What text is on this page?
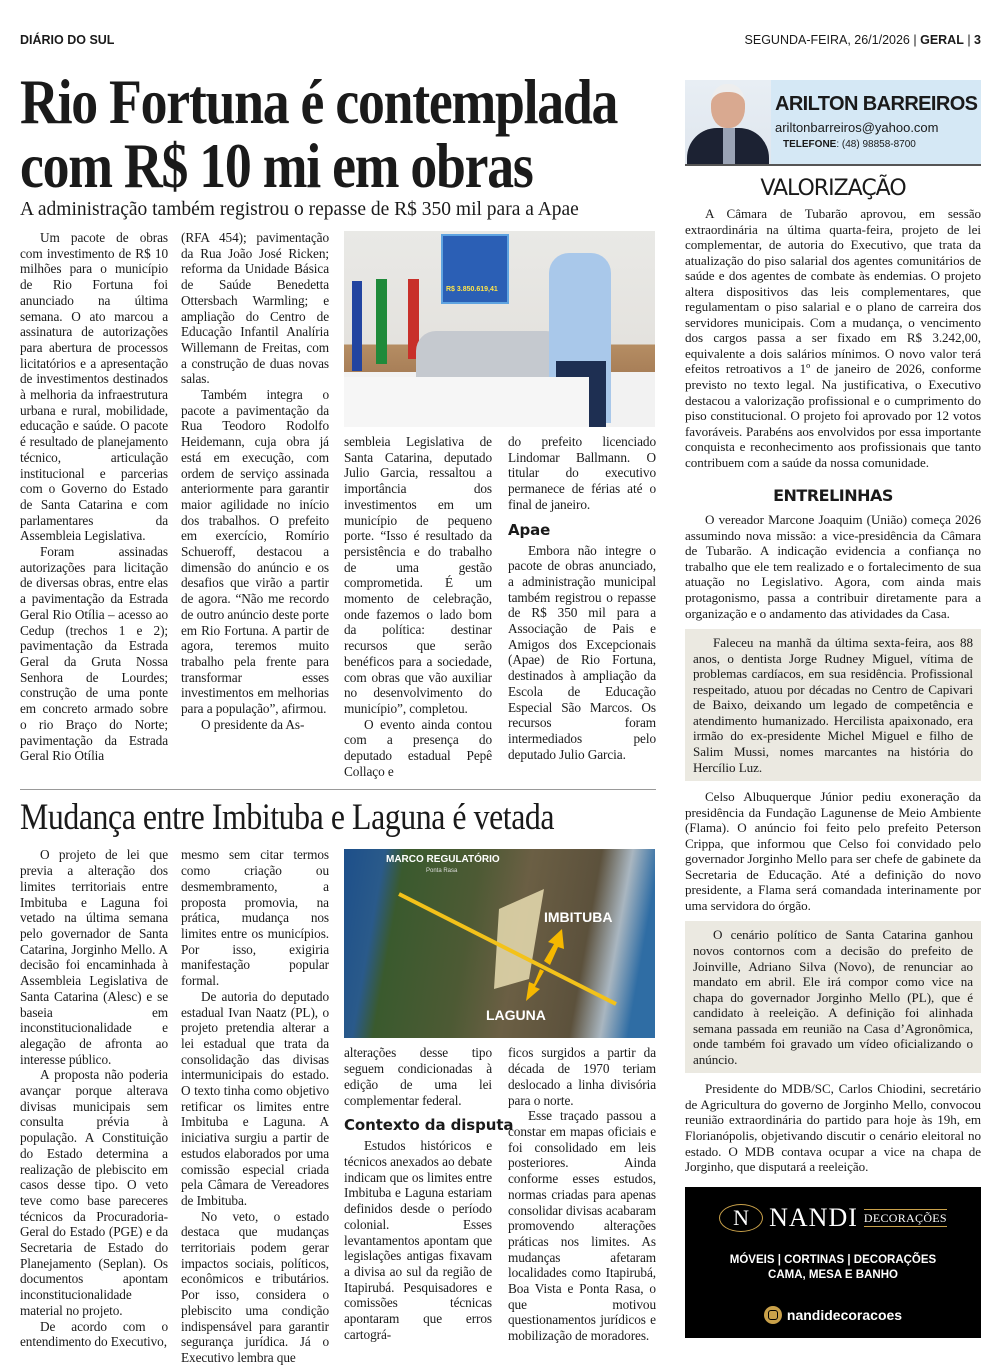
DIÁRIO DO SUL	SEGUNDA-FEIRA, 26/1/2026 | GERAL | 3
Rio Fortuna é contemplada
com R$ 10 mi em obras
A administração também registrou o repasse de R$ 350 mil para a Apae

Um pacote de obras com investimento de R$ 10 milhões para o município de Rio Fortuna foi anunciado na última semana. O ato marcou a assinatura de autorizações para abertura de processos licitatórios e a apresentação de investimentos destinados à melhoria da infraestrutura urbana e rural, mobilidade, educação e saúde. O pacote é resultado de planejamento técnico, articulação institucional e parcerias com o Governo do Estado de Santa Catarina e com parlamentares da Assembleia Legislativa.

Foram assinadas autorizações para licitação de diversas obras, entre elas a pavimentação da Estrada Geral Rio Otília – acesso ao Cedup (trechos 1 e 2); pavimentação da Estrada Geral da Gruta Nossa Senhora de Lourdes; construção de uma ponte em concreto armado sobre o rio Braço do Norte; pavimentação da Estrada Geral Rio Otília

(RFA 454); pavimentação da Rua João José Ricken; reforma da Unidade Básica de Saúde Benedetta Ottersbach Warmling; e ampliação do Centro de Educação Infantil Analíria Willemann de Freitas, com a construção de duas novas salas.

Também integra o pacote a pavimentação da Rua Teodoro Rodolfo Heidemann, cuja obra já está em execução, com ordem de serviço assinada anteriormente para garantir maior agilidade no início dos trabalhos. O prefeito em exercício, Romírio Schueroff, destacou a dimensão do anúncio e os desafios que virão a partir de agora. “Não me recordo de outro anúncio deste porte em Rio Fortuna. A partir de agora, teremos muito trabalho pela frente para transformar esses investimentos em melhorias para a população”, afirmou.

O presidente da As-

R$ 3.850.619,41

sembleia Legislativa de Santa Catarina, deputado Julio Garcia, ressaltou a importância dos investimentos em um município de pequeno porte. “Isso é resultado da persistência e do trabalho de uma gestão comprometida. É um momento de celebração, onde fazemos o lado bom da política: destinar recursos que serão benéficos para a sociedade, com obras que vão auxiliar no desenvolvimento do município”, completou.

O evento ainda contou com a presença do deputado estadual Pepê Collaço e

do prefeito licenciado Lindomar Ballmann. O titular do executivo permanece de férias até o final de janeiro.

Apae

Embora não integre o pacote de obras anunciado, a administração municipal também registrou o repasse de R$ 350 mil para a Associação de Pais e Amigos dos Excepcionais (Apae) de Rio Fortuna, destinados à ampliação da Escola de Educação Especial São Marcos. Os recursos foram intermediados pelo deputado Julio Garcia.

Mudança entre Imbituba e Laguna é vetada

O projeto de lei que previa a alteração dos limites territoriais entre Imbituba e Laguna foi vetado na última semana pelo governador de Santa Catarina, Jorginho Mello. A decisão foi encaminhada à Assembleia Legislativa de Santa Catarina (Alesc) e se baseia em inconstitucionalidade e alegação de afronta ao interesse público.

A proposta não poderia avançar porque alterava divisas municipais sem consulta prévia à população. A Constituição do Estado determina a realização de plebiscito em casos desse tipo. O veto teve como base pareceres técnicos da Procuradoria-Geral do Estado (PGE) e da Secretaria de Estado do Planejamento (Seplan). Os documentos apontam inconstitucionalidade material no projeto.

De acordo com o entendimento do Executivo,

mesmo sem citar termos como criação ou desmembramento, a proposta promovia, na prática, mudança nos limites entre os municípios. Por isso, exigiria manifestação popular formal.

De autoria do deputado estadual Ivan Naatz (PL), o projeto pretendia alterar a lei estadual que trata da consolidação das divisas intermunicipais do estado. O texto tinha como objetivo retificar os limites entre Imbituba e Laguna. A iniciativa surgiu a partir de estudos elaborados por uma comissão especial criada pela Câmara de Vereadores de Imbituba.

No veto, o estado destaca que mudanças territoriais podem gerar impactos sociais, políticos, econômicos e tributários. Por isso, considera o plebiscito uma condição indispensável para garantir segurança jurídica. Já o Executivo lembra que

MARCO REGULATÓRIO
Ponta Rasa
IMBITUBA
LAGUNA

alterações desse tipo seguem condicionadas à edição de uma lei complementar federal.

Contexto da disputa

Estudos históricos e técnicos anexados ao debate indicam que os limites entre Imbituba e Laguna estariam definidos desde o período colonial. Esses levantamentos apontam que legislações antigas fixavam a divisa ao sul da região de Itapirubá. Pesquisadores e comissões técnicas apontaram que erros cartográ-

ficos surgidos a partir da década de 1970 teriam deslocado a linha divisória para o norte.

Esse traçado passou a constar em mapas oficiais e foi consolidado em leis posteriores. Ainda conforme esses estudos, normas criadas para apenas consolidar divisas acabaram promovendo alterações práticas nos limites. As mudanças afetaram localidades como Itapirubá, Boa Vista e Ponta Rasa, o que motivou questionamentos jurídicos e mobilização de moradores.

ARILTON BARREIROS
ariltonbarreiros@yahoo.com
TELEFONE: (48) 98858-8700
VALORIZAÇÃO

A Câmara de Tubarão aprovou, em sessão extraordinária na última quarta-feira, projeto de lei complementar, de autoria do Executivo, que trata da atualização do piso salarial dos agentes comunitários de saúde e dos agentes de combate às endemias. O projeto altera dispositivos das leis complementares, que regulamentam o piso salarial e o plano de carreira dos servidores municipais. Com a mudança, o vencimento dos cargos passa a ser fixado em R$ 3.242,00, equivalente a dois salários mínimos. O novo valor terá efeitos retroativos a 1º de janeiro de 2026, conforme previsto no texto legal. Na justificativa, o Executivo destacou a valorização profissional e o cumprimento do piso constitucional. O projeto foi aprovado por 12 votos favoráveis. Parabéns aos envolvidos por essa importante conquista e reconhecimento aos profissionais que tanto contribuem com a saúde da nossa comunidade.

ENTRELINHAS

O vereador Marcone Joaquim (União) começa 2026 assumindo nova missão: a vice-presidência da Câmara de Tubarão. A indicação evidencia a confiança no trabalho que ele tem realizado e o fortalecimento de sua atuação no Legislativo. Agora, com ainda mais protagonismo, passa a contribuir diretamente para a organização e o andamento das atividades da Casa.

Faleceu na manhã da última sexta-feira, aos 88 anos, o dentista Jorge Rudney Miguel, vítima de problemas cardíacos, em sua residência. Profissional respeitado, atuou por décadas no Centro de Capivari de Baixo, deixando um legado de competência e atendimento humanizado. Hercilista apaixonado, era irmão do ex-presidente Michel Miguel e filho de Salim Mussi, nomes marcantes na história do Hercílio Luz.

Celso Albuquerque Júnior pediu exoneração da presidência da Fundação Lagunense de Meio Ambiente (Flama). O anúncio foi feito pelo prefeito Peterson Crippa, que informou que Celso foi convidado pelo governador Jorginho Mello para ser chefe de gabinete da Secretaria de Educação. Até a definição do novo presidente, a Flama será comandada interinamente por uma servidora do órgão.

O cenário político de Santa Catarina ganhou novos contornos com a decisão do prefeito de Joinville, Adriano Silva (Novo), de renunciar ao mandato em abril. Ele irá compor como vice na chapa do governador Jorginho Mello (PL), que é candidato à reeleição. A definição foi alinhada semana passada em reunião na Casa d’Agronômica, onde também foi gravado um vídeo oficializando o anúncio.

Presidente do MDB/SC, Carlos Chiodini, secretário de Agricultura do governo de Jorginho Mello, convocou reunião extraordinária do partido para hoje às 19h, em Florianópolis, objetivando discutir o cenário eleitoral no estado. O MDB contava ocupar a vice na chapa de Jorginho, que disputará a reeleição.

N NANDI DECORAÇÕES
MÓVEIS | CORTINAS | DECORAÇÕES
CAMA, MESA E BANHO
nandidecoracoes
